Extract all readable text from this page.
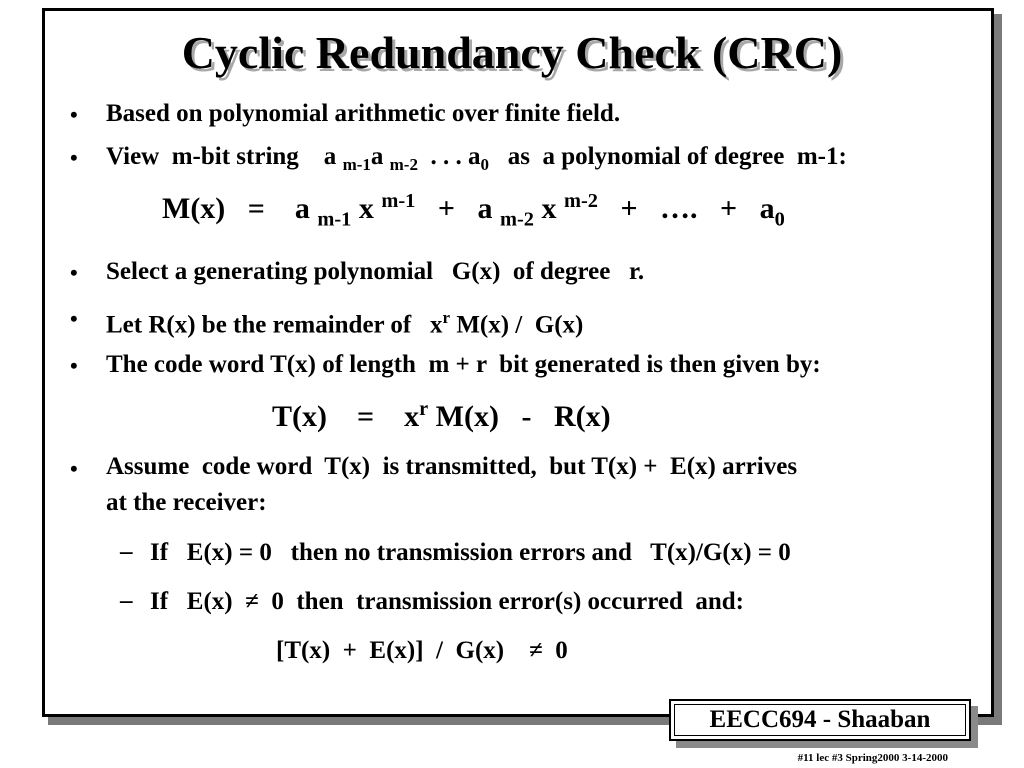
Cyclic Redundancy Check (CRC)
• Based on polynomial arithmetic over finite field.
• View  m-bit string    a $_{m-1}$a $_{m-2}$  . . . $a_0$   as  a polynomial of degree  m-1:
M(x)   =    a $_{m-1}$ x $^{m-1}$   +   a $_{m-2}$ x $^{m-2}$   +   ….   +   $a_0$
• Select a generating polynomial   G(x)  of degree   r.
• Let R(x) be the remainder of   $x^r$ M(x) /  G(x)
• The code word T(x) of length  m + r  bit generated is then given by:
T(x)    =    $x^r$ M(x)   -   R(x)
• Assume  code word  T(x)  is transmitted,  but T(x) +  E(x) arrives
at the receiver:
– If   E(x) = 0   then no transmission errors and   T(x)/G(x) = 0
– If   E(x)  ≠  0  then  transmission error(s) occurred  and:
[T(x)  +  E(x)]  /  G(x)    ≠  0
EECC694 - Shaaban
#11 lec #3 Spring2000 3-14-2000
